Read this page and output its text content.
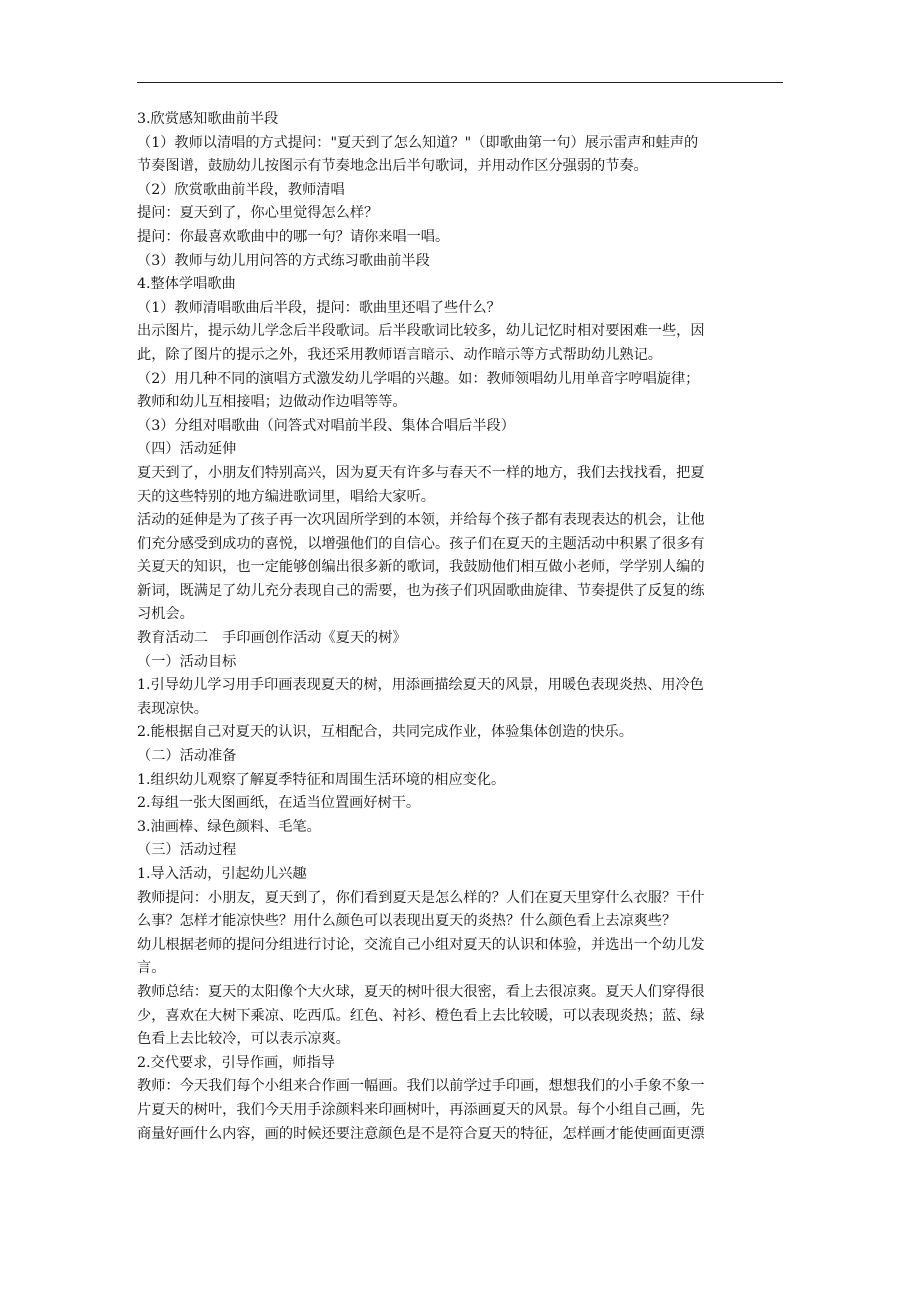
3.欣赏感知歌曲前半段
（1）教师以清唱的方式提问："夏天到了怎么知道？"（即歌曲第一句）展示雷声和蛙声的
节奏图谱，鼓励幼儿按图示有节奏地念出后半句歌词，并用动作区分强弱的节奏。
（2）欣赏歌曲前半段，教师清唱
提问：夏天到了，你心里觉得怎么样？
提问：你最喜欢歌曲中的哪一句？请你来唱一唱。
（3）教师与幼儿用问答的方式练习歌曲前半段
4.整体学唱歌曲
（1）教师清唱歌曲后半段，提问：歌曲里还唱了些什么？
出示图片，提示幼儿学念后半段歌词。后半段歌词比较多，幼儿记忆时相对要困难一些，因
此，除了图片的提示之外，我还采用教师语言暗示、动作暗示等方式帮助幼儿熟记。
（2）用几种不同的演唱方式激发幼儿学唱的兴趣。如：教师领唱幼儿用单音字哼唱旋律；
教师和幼儿互相接唱；边做动作边唱等等。
（3）分组对唱歌曲（问答式对唱前半段、集体合唱后半段）
（四）活动延伸
夏天到了，小朋友们特别高兴，因为夏天有许多与春天不一样的地方，我们去找找看，把夏
天的这些特别的地方编进歌词里，唱给大家听。
活动的延伸是为了孩子再一次巩固所学到的本领，并给每个孩子都有表现表达的机会，让他
们充分感受到成功的喜悦，以增强他们的自信心。孩子们在夏天的主题活动中积累了很多有
关夏天的知识，也一定能够创编出很多新的歌词，我鼓励他们相互做小老师，学学别人编的
新词，既满足了幼儿充分表现自己的需要，也为孩子们巩固歌曲旋律、节奏提供了反复的练
习机会。
教育活动二　手印画创作活动《夏天的树》
（一）活动目标
1.引导幼儿学习用手印画表现夏天的树，用添画描绘夏天的风景，用暖色表现炎热、用冷色
表现凉快。
2.能根据自己对夏天的认识，互相配合，共同完成作业，体验集体创造的快乐。
（二）活动准备
1.组织幼儿观察了解夏季特征和周围生活环境的相应变化。
2.每组一张大图画纸，在适当位置画好树干。
3.油画棒、绿色颜料、毛笔。
（三）活动过程
1.导入活动，引起幼儿兴趣
教师提问：小朋友，夏天到了，你们看到夏天是怎么样的？人们在夏天里穿什么衣服？干什
么事？怎样才能凉快些？用什么颜色可以表现出夏天的炎热？什么颜色看上去凉爽些？
幼儿根据老师的提问分组进行讨论，交流自己小组对夏天的认识和体验，并选出一个幼儿发
言。
教师总结：夏天的太阳像个大火球，夏天的树叶很大很密，看上去很凉爽。夏天人们穿得很
少，喜欢在大树下乘凉、吃西瓜。红色、衬衫、橙色看上去比较暖，可以表现炎热；蓝、绿
色看上去比较冷，可以表示凉爽。
2.交代要求，引导作画，师指导
教师：今天我们每个小组来合作画一幅画。我们以前学过手印画，想想我们的小手象不象一
片夏天的树叶，我们今天用手涂颜料来印画树叶，再添画夏天的风景。每个小组自己画，先
商量好画什么内容，画的时候还要注意颜色是不是符合夏天的特征，怎样画才能使画面更漂
